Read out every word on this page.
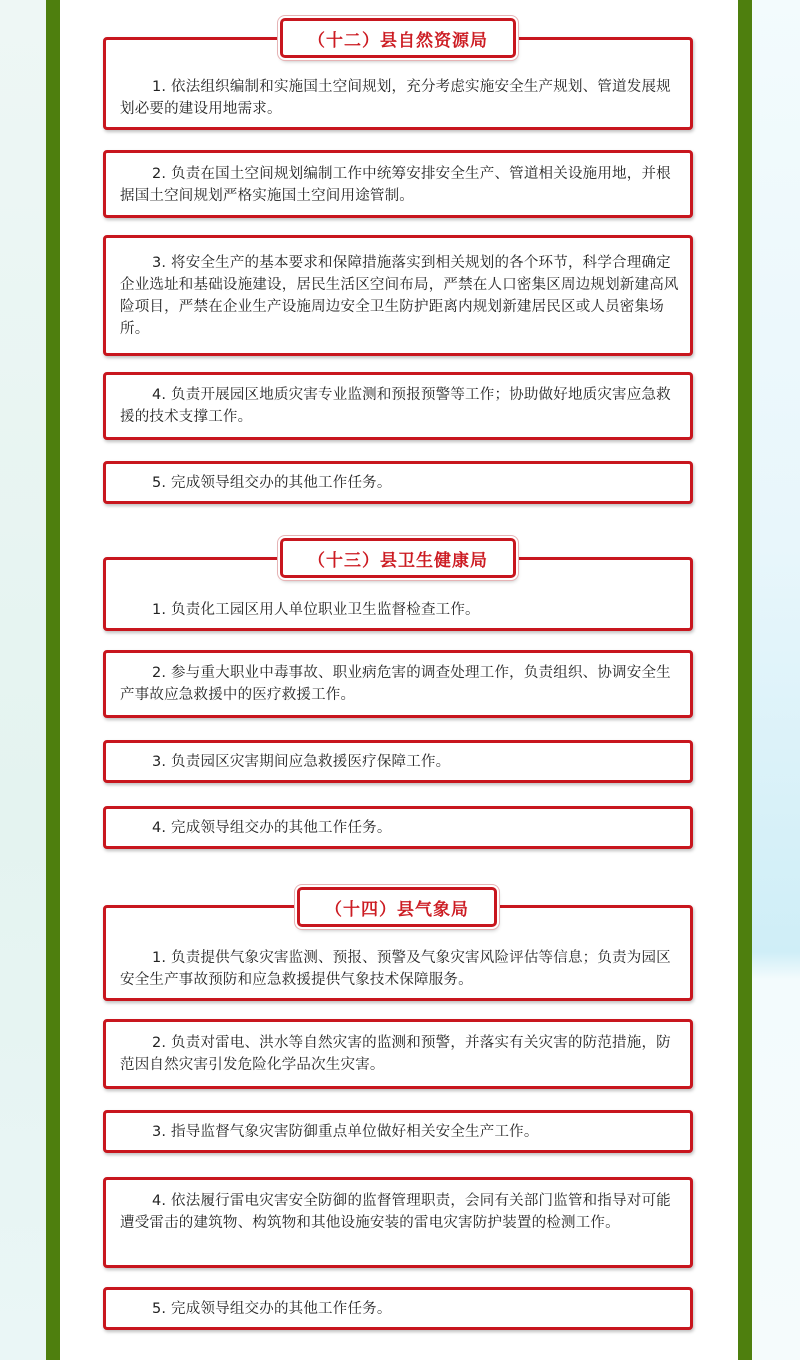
1. 依法组织编制和实施国土空间规划，充分考虑实施安全生产规划、管道发展规划必要的建设用地需求。

（十二）县自然资源局

2. 负责在国土空间规划编制工作中统筹安排安全生产、管道相关设施用地，并根据国土空间规划严格实施国土空间用途管制。

3. 将安全生产的基本要求和保障措施落实到相关规划的各个环节，科学合理确定企业选址和基础设施建设，居民生活区空间布局，严禁在人口密集区周边规划新建高风险项目，严禁在企业生产设施周边安全卫生防护距离内规划新建居民区或人员密集场所。

4. 负责开展园区地质灾害专业监测和预报预警等工作；协助做好地质灾害应急救援的技术支撑工作。

5. 完成领导组交办的其他工作任务。

1. 负责化工园区用人单位职业卫生监督检查工作。

（十三）县卫生健康局

2. 参与重大职业中毒事故、职业病危害的调查处理工作，负责组织、协调安全生产事故应急救援中的医疗救援工作。

3. 负责园区灾害期间应急救援医疗保障工作。

4. 完成领导组交办的其他工作任务。

1. 负责提供气象灾害监测、预报、预警及气象灾害风险评估等信息；负责为园区安全生产事故预防和应急救援提供气象技术保障服务。

（十四）县气象局

2. 负责对雷电、洪水等自然灾害的监测和预警，并落实有关灾害的防范措施，防范因自然灾害引发危险化学品次生灾害。

3. 指导监督气象灾害防御重点单位做好相关安全生产工作。

4. 依法履行雷电灾害安全防御的监督管理职责，会同有关部门监管和指导对可能遭受雷击的建筑物、构筑物和其他设施安装的雷电灾害防护装置的检测工作。

5. 完成领导组交办的其他工作任务。
